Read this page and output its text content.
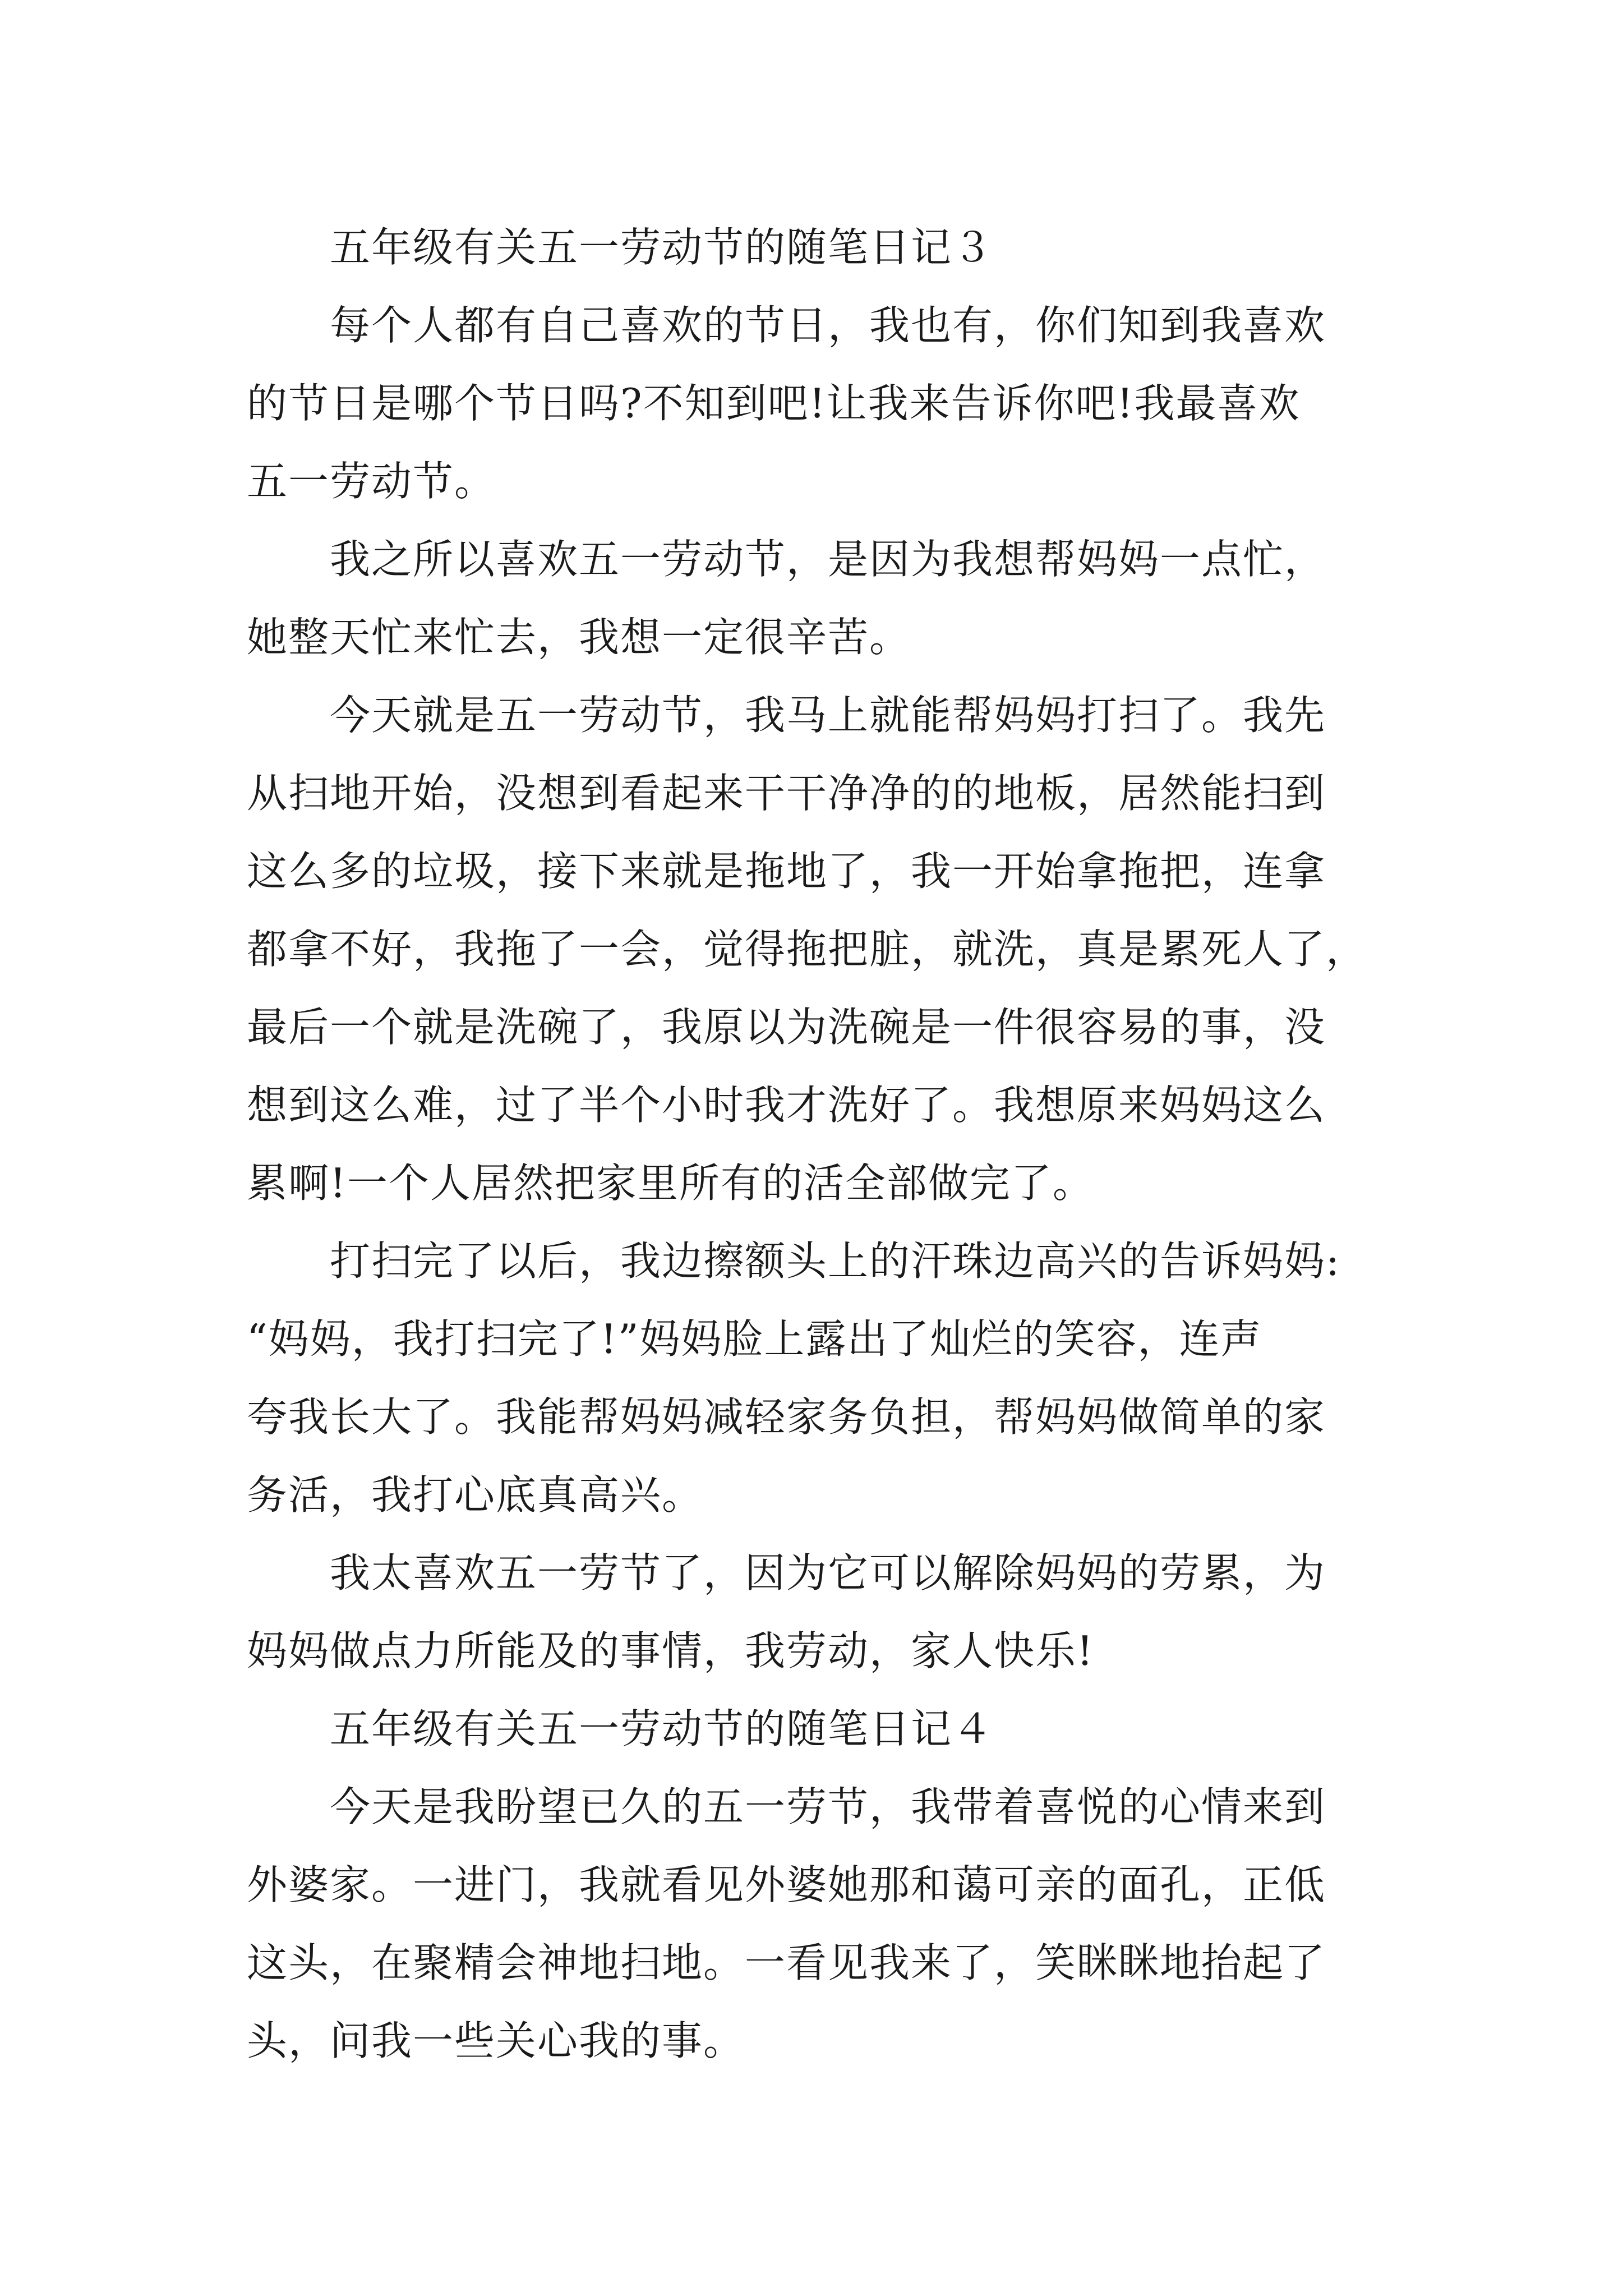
五年级有关五一劳动节的随笔日记３

每个人都有自己喜欢的节日，我也有，你们知到我喜欢
的节日是哪个节日吗?不知到吧!让我来告诉你吧!我最喜欢
五一劳动节。

我之所以喜欢五一劳动节，是因为我想帮妈妈一点忙，
她整天忙来忙去，我想一定很辛苦。

今天就是五一劳动节，我马上就能帮妈妈打扫了。我先
从扫地开始，没想到看起来干干净净的的地板，居然能扫到
这么多的垃圾，接下来就是拖地了，我一开始拿拖把，连拿
都拿不好，我拖了一会，觉得拖把脏，就洗，真是累死人了，
最后一个就是洗碗了，我原以为洗碗是一件很容易的事，没
想到这么难，过了半个小时我才洗好了。我想原来妈妈这么
累啊!一个人居然把家里所有的活全部做完了。

打扫完了以后，我边擦额头上的汗珠边高兴的告诉妈妈:
“妈妈，我打扫完了!”妈妈脸上露出了灿烂的笑容，连声
夸我长大了。我能帮妈妈减轻家务负担，帮妈妈做简单的家
务活，我打心底真高兴。

我太喜欢五一劳节了，因为它可以解除妈妈的劳累，为
妈妈做点力所能及的事情，我劳动，家人快乐!

五年级有关五一劳动节的随笔日记４

今天是我盼望已久的五一劳节，我带着喜悦的心情来到
外婆家。一进门，我就看见外婆她那和蔼可亲的面孔，正低
这头，在聚精会神地扫地。一看见我来了，笑眯眯地抬起了
头，问我一些关心我的事。
